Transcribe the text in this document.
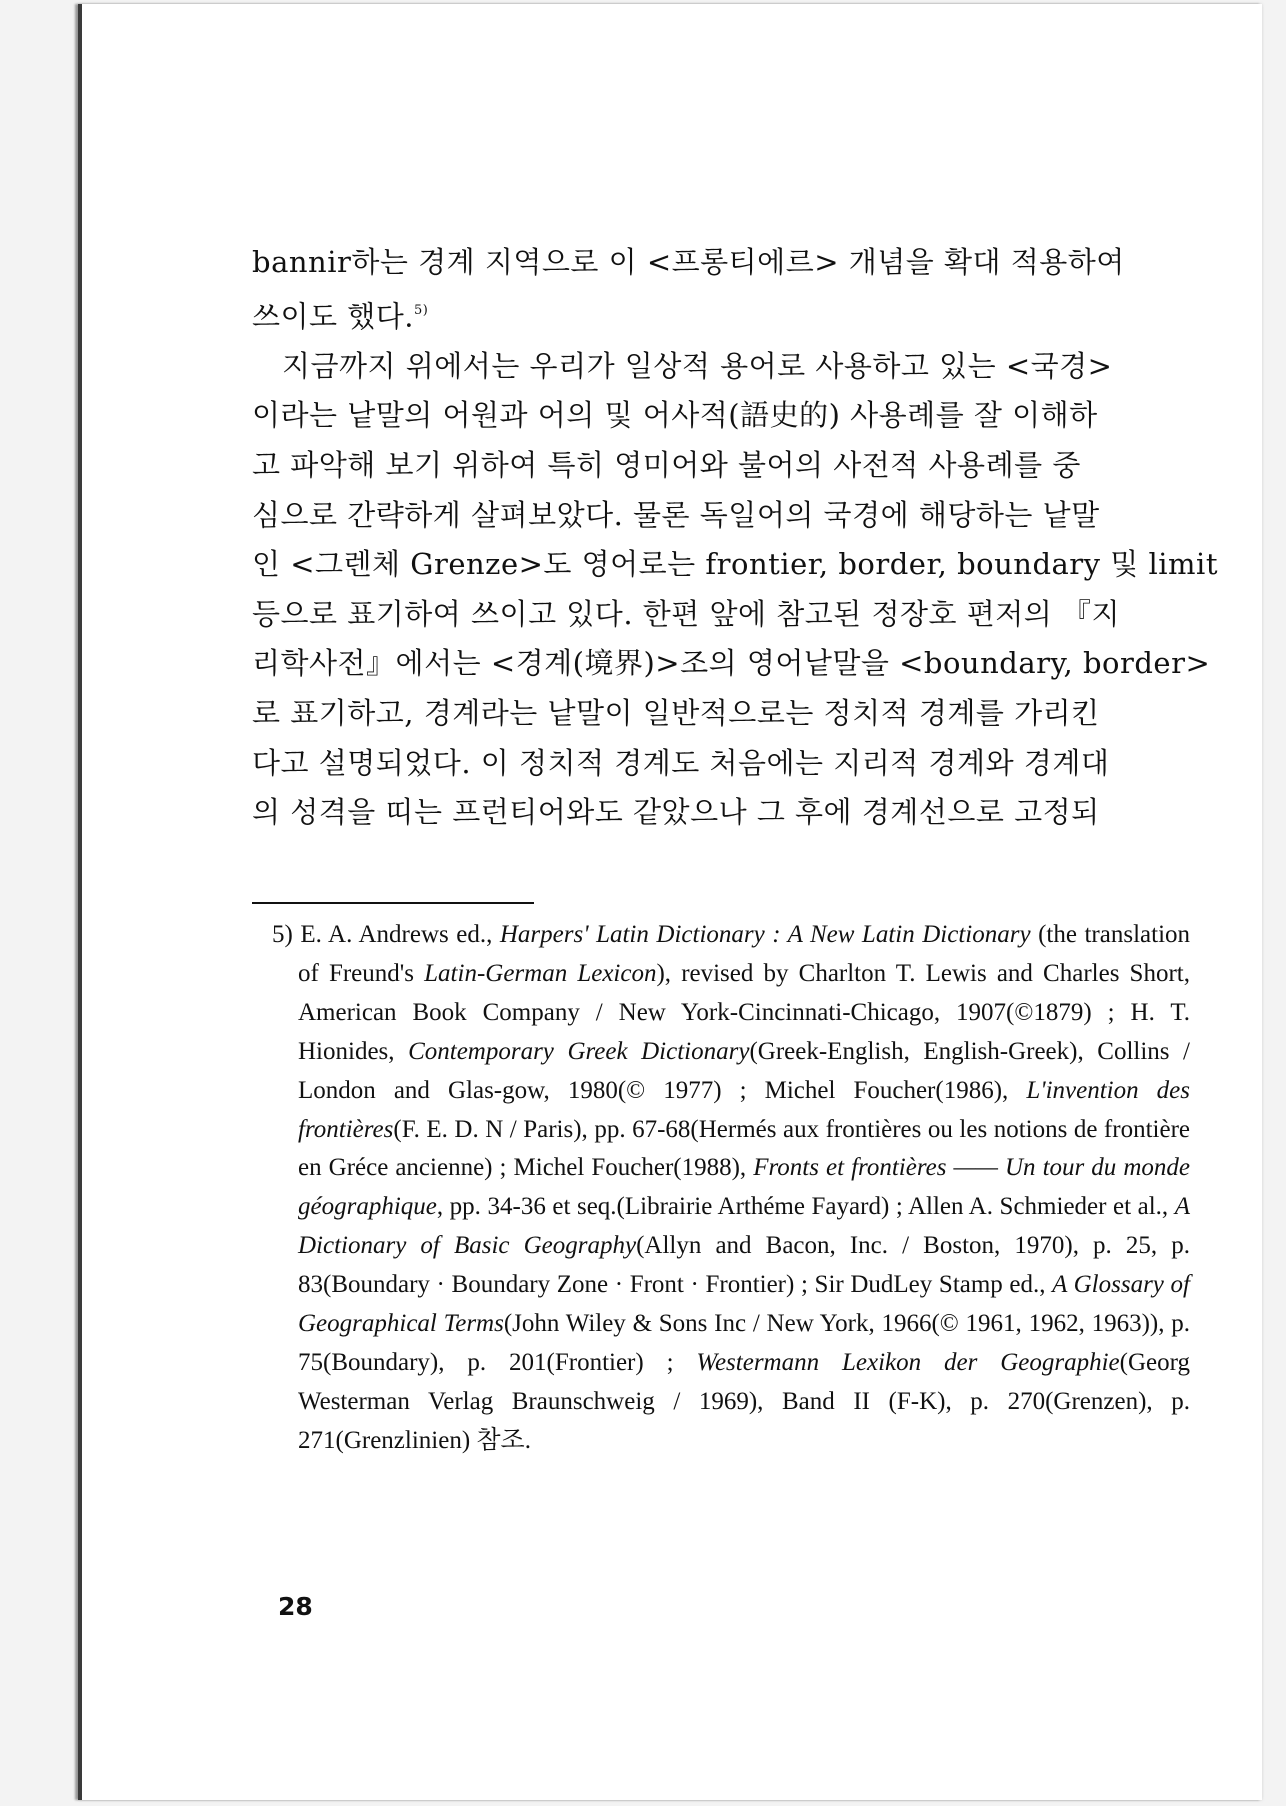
bannir하는 경계 지역으로 이 <프롱티에르> 개념을 확대 적용하여
쓰이도 했다.$^{5)}$
지금까지 위에서는 우리가 일상적 용어로 사용하고 있는 <국경>
이라는 낱말의 어원과 어의 및 어사적(語史的) 사용례를 잘 이해하
고 파악해 보기 위하여 특히 영미어와 불어의 사전적 사용례를 중
심으로 간략하게 살펴보았다. 물론 독일어의 국경에 해당하는 낱말
인 <그렌체 Grenze>도 영어로는 frontier, border, boundary 및 limit
등으로 표기하여 쓰이고 있다. 한편 앞에 참고된 정장호 편저의 『지
리학사전』에서는 <경계(境界)>조의 영어낱말을 <boundary, border>
로 표기하고, 경계라는 낱말이 일반적으로는 정치적 경계를 가리킨
다고 설명되었다. 이 정치적 경계도 처음에는 지리적 경계와 경계대
의 성격을 띠는 프런티어와도 같았으나 그 후에 경계선으로 고정되
5) E. A. Andrews ed., Harpers' Latin Dictionary : A New Latin Dictionary (the translation of Freund's Latin-German Lexicon), revised by Charlton T. Lewis and Charles Short, American Book Company / New York-Cincinnati-Chicago, 1907(©1879) ; H. T. Hionides, Contemporary Greek Dictionary(Greek-English, English-Greek), Collins / London and Glas-gow, 1980(© 1977) ; Michel Foucher(1986), L'invention des frontières(F. E. D. N / Paris), pp. 67-68(Hermés aux frontières ou les notions de frontière en Gréce ancienne) ; Michel Foucher(1988), Fronts et frontières —— Un tour du monde géographique, pp. 34-36 et seq.(Librairie Arthéme Fayard) ; Allen A. Schmieder et al., A Dictionary of Basic Geography(Allyn and Bacon, Inc. / Boston, 1970), p. 25, p. 83(Boundary · Boundary Zone · Front · Frontier) ; Sir DudLey Stamp ed., A Glossary of Geographical Terms(John Wiley & Sons Inc / New York, 1966(© 1961, 1962, 1963)), p. 75(Boundary), p. 201(Frontier) ; Westermann Lexikon der Geographie(Georg Westerman Verlag Braunschweig / 1969), Band II (F-K), p. 270(Grenzen), p. 271(Grenzlinien) 참조.
28
